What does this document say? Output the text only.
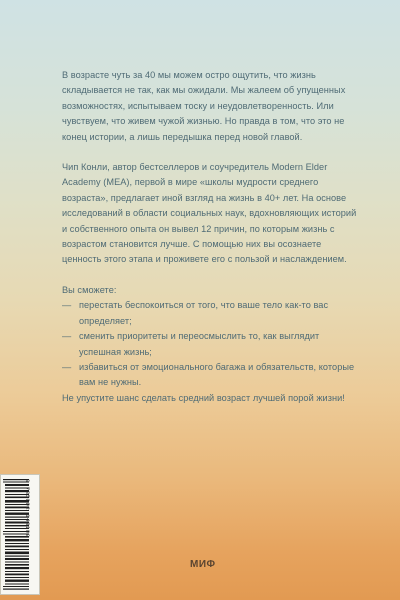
В возрасте чуть за 40 мы можем остро ощутить, что жизнь складывается не так, как мы ожидали. Мы жалеем об упущенных возможностях, испытываем тоску и неудовлетворенность. Или чувствуем, что живем чужой жизнью. Но правда в том, что это не конец истории, а лишь передышка перед новой главой.

Чип Конли, автор бестселлеров и соучредитель Modern Elder Academy (MEA), первой в мире «школы мудрости среднего возраста», предлагает иной взгляд на жизнь в 40+ лет. На основе исследований в области социальных наук, вдохновляющих историй и собственного опыта он вывел 12 причин, по которым жизнь с возрастом становится лучше. С помощью них вы осознаете ценность этого этапа и проживете его с пользой и наслаждением.

Вы сможете:

— перестать беспокоиться от того, что ваше тело как-то вас определяет;
— сменить приоритеты и переосмыслить то, как выглядит успешная жизнь;
— избавиться от эмоционального багажа и обязательств, которые вам не нужны.

Не упустите шанс сделать средний возраст лучшей порой жизни!

9 785002 148109
МИФ
